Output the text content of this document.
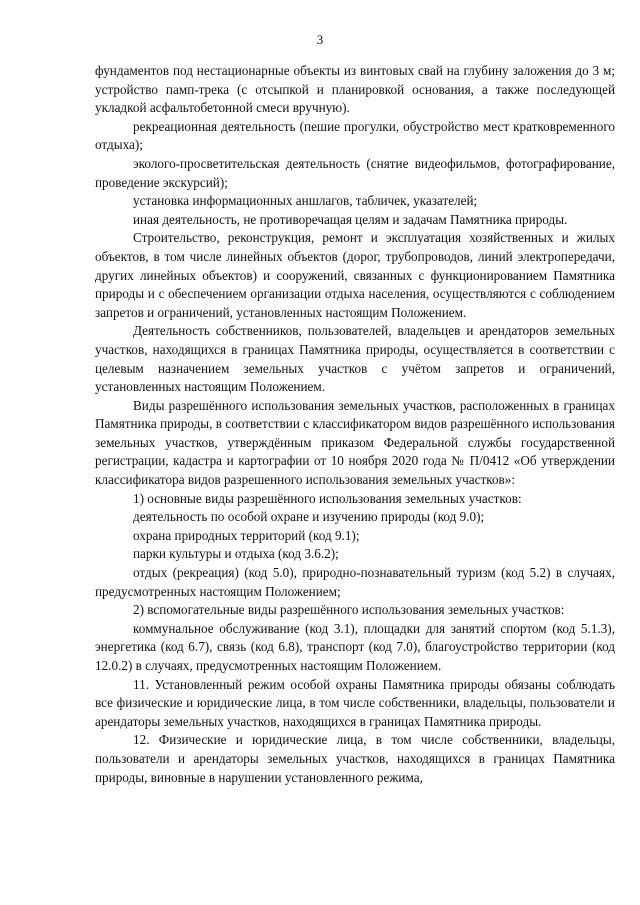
3

фундаментов под нестационарные объекты из винтовых свай на глубину заложения до 3 м; устройство памп-трека (с отсыпкой и планировкой основания, а также последующей укладкой асфальтобетонной смеси вручную).

рекреационная деятельность (пешие прогулки, обустройство мест кратковременного отдыха);

эколого-просветительская деятельность (снятие видеофильмов, фотографирование, проведение экскурсий);

установка информационных аншлагов, табличек, указателей;

иная деятельность, не противоречащая целям и задачам Памятника природы.

Строительство, реконструкция, ремонт и эксплуатация хозяйственных и жилых объектов, в том числе линейных объектов (дорог, трубопроводов, линий электропередачи, других линейных объектов) и сооружений, связанных с функционированием Памятника природы и с обеспечением организации отдыха населения, осуществляются с соблюдением запретов и ограничений, установленных настоящим Положением.

Деятельность собственников, пользователей, владельцев и арендаторов земельных участков, находящихся в границах Памятника природы, осуществляется в соответствии с целевым назначением земельных участков с учётом запретов и ограничений, установленных настоящим Положением.

Виды разрешённого использования земельных участков, расположенных в границах Памятника природы, в соответствии с классификатором видов разрешённого использования земельных участков, утверждённым приказом Федеральной службы государственной регистрации, кадастра и картографии от 10 ноября 2020 года № П/0412 «Об утверждении классификатора видов разрешенного использования земельных участков»:

1) основные виды разрешённого использования земельных участков:

деятельность по особой охране и изучению природы (код 9.0);

охрана природных территорий (код 9.1);

парки культуры и отдыха (код 3.6.2);

отдых (рекреация) (код 5.0), природно-познавательный туризм (код 5.2) в случаях, предусмотренных настоящим Положением;

2) вспомогательные виды разрешённого использования земельных участков:

коммунальное обслуживание (код 3.1), площадки для занятий спортом (код 5.1.3), энергетика (код 6.7), связь (код 6.8), транспорт (код 7.0), благоустройство территории (код 12.0.2) в случаях, предусмотренных настоящим Положением.

11. Установленный режим особой охраны Памятника природы обязаны соблюдать все физические и юридические лица, в том числе собственники, владельцы, пользователи и арендаторы земельных участков, находящихся в границах Памятника природы.

12. Физические и юридические лица, в том числе собственники, владельцы, пользователи и арендаторы земельных участков, находящихся в границах Памятника природы, виновные в нарушении установленного режима,
